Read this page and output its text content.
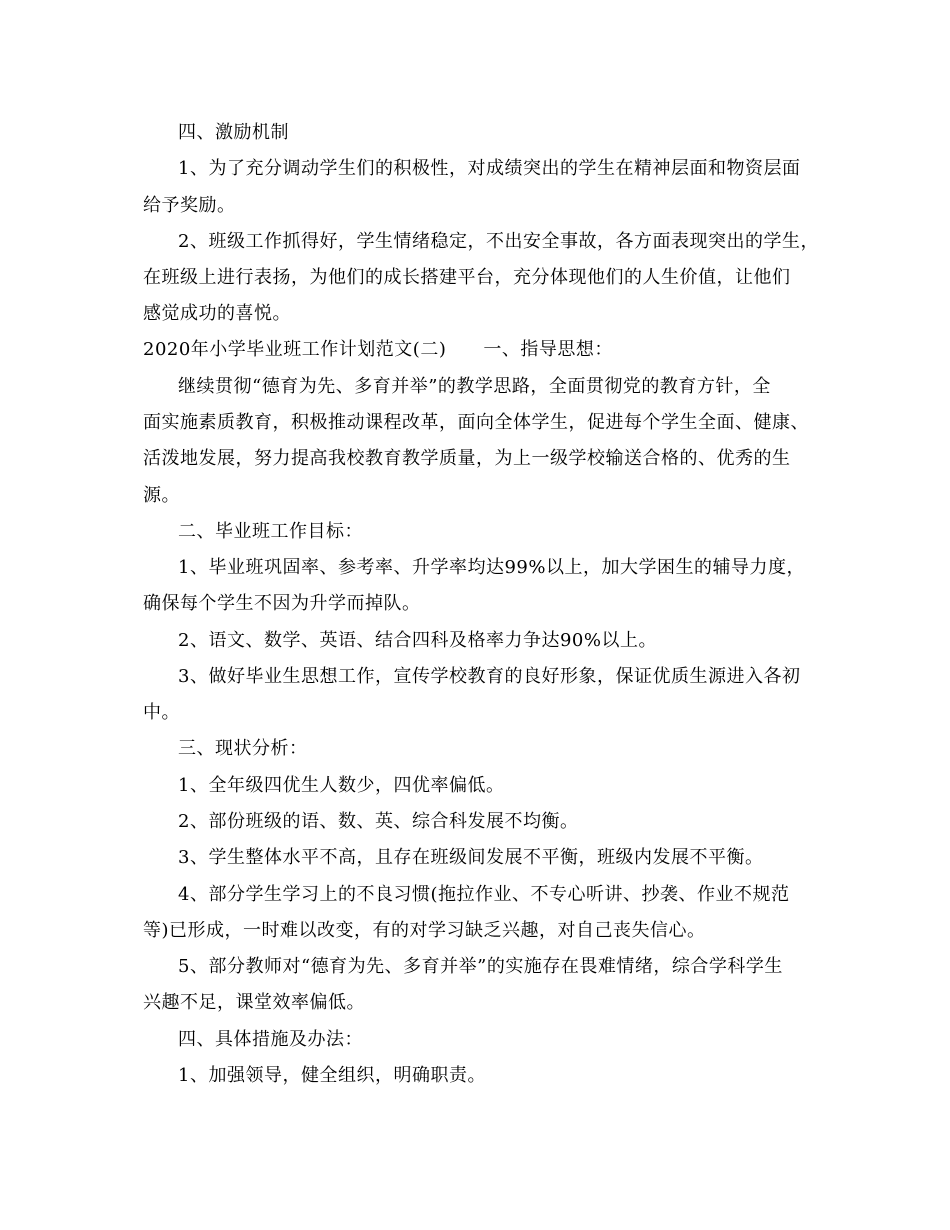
四、激励机制
1、为了充分调动学生们的积极性，对成绩突出的学生在精神层面和物资层面
给予奖励。
2、班级工作抓得好，学生情绪稳定，不出安全事故，各方面表现突出的学生，
在班级上进行表扬，为他们的成长搭建平台，充分体现他们的人生价值，让他们
感觉成功的喜悦。
2020年小学毕业班工作计划范文(二)　　一、指导思想：
继续贯彻“德育为先、多育并举”的教学思路，全面贯彻党的教育方针，全
面实施素质教育，积极推动课程改革，面向全体学生，促进每个学生全面、健康、
活泼地发展，努力提高我校教育教学质量，为上一级学校输送合格的、优秀的生
源。
二、毕业班工作目标：
1、毕业班巩固率、参考率、升学率均达99%以上，加大学困生的辅导力度，
确保每个学生不因为升学而掉队。
2、语文、数学、英语、结合四科及格率力争达90%以上。
3、做好毕业生思想工作，宣传学校教育的良好形象，保证优质生源进入各初
中。
三、现状分析：
1、全年级四优生人数少，四优率偏低。
2、部份班级的语、数、英、综合科发展不均衡。
3、学生整体水平不高，且存在班级间发展不平衡，班级内发展不平衡。
4、部分学生学习上的不良习惯(拖拉作业、不专心听讲、抄袭、作业不规范
等)已形成，一时难以改变，有的对学习缺乏兴趣，对自己丧失信心。
5、部分教师对“德育为先、多育并举”的实施存在畏难情绪，综合学科学生
兴趣不足，课堂效率偏低。
四、具体措施及办法：
1、加强领导，健全组织，明确职责。
